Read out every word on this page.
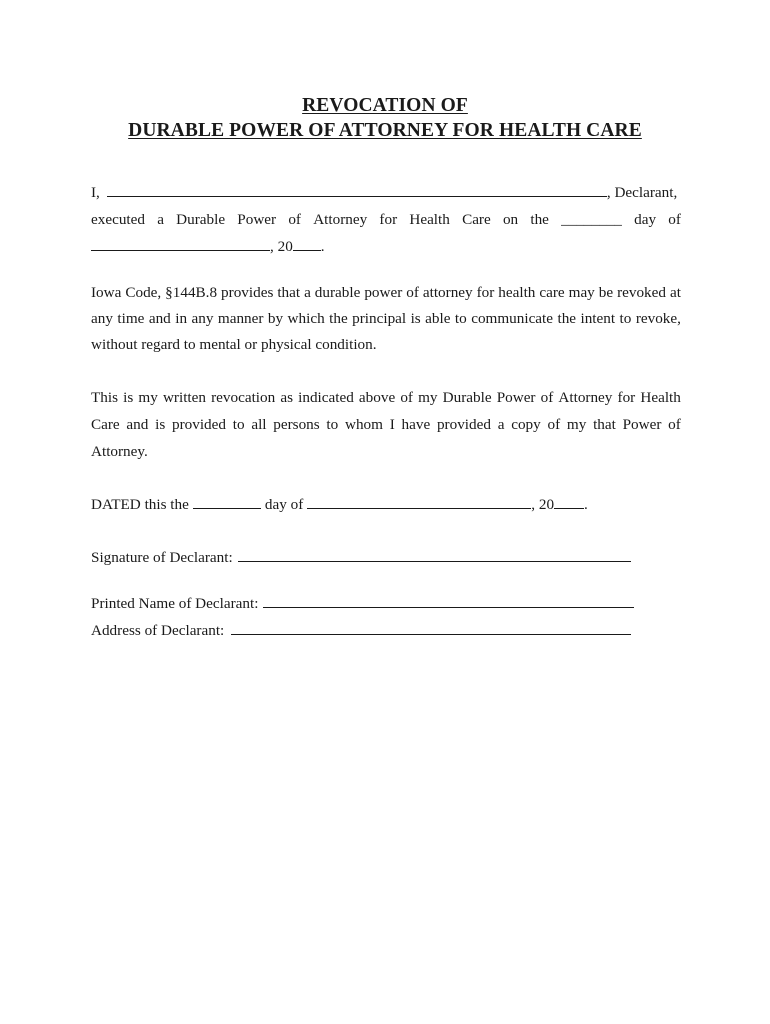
REVOCATION OF
DURABLE POWER OF ATTORNEY FOR HEALTH CARE
I,	, Declarant,
executed a Durable Power of Attorney for Health Care on the ________ day of
, 20 .
Iowa Code, §144B.8 provides that a durable power of attorney for health care may be revoked at
any time and in any manner by which the principal is able to communicate the intent to revoke,
without regard to mental or physical condition.
This is my written revocation as indicated above of my Durable Power of Attorney for Health
Care and is provided to all persons to whom I have provided a copy of my that Power of
Attorney.
DATED this the	day of	, 20 .
Signature of Declarant:
Printed Name of Declarant:
Address of Declarant:
